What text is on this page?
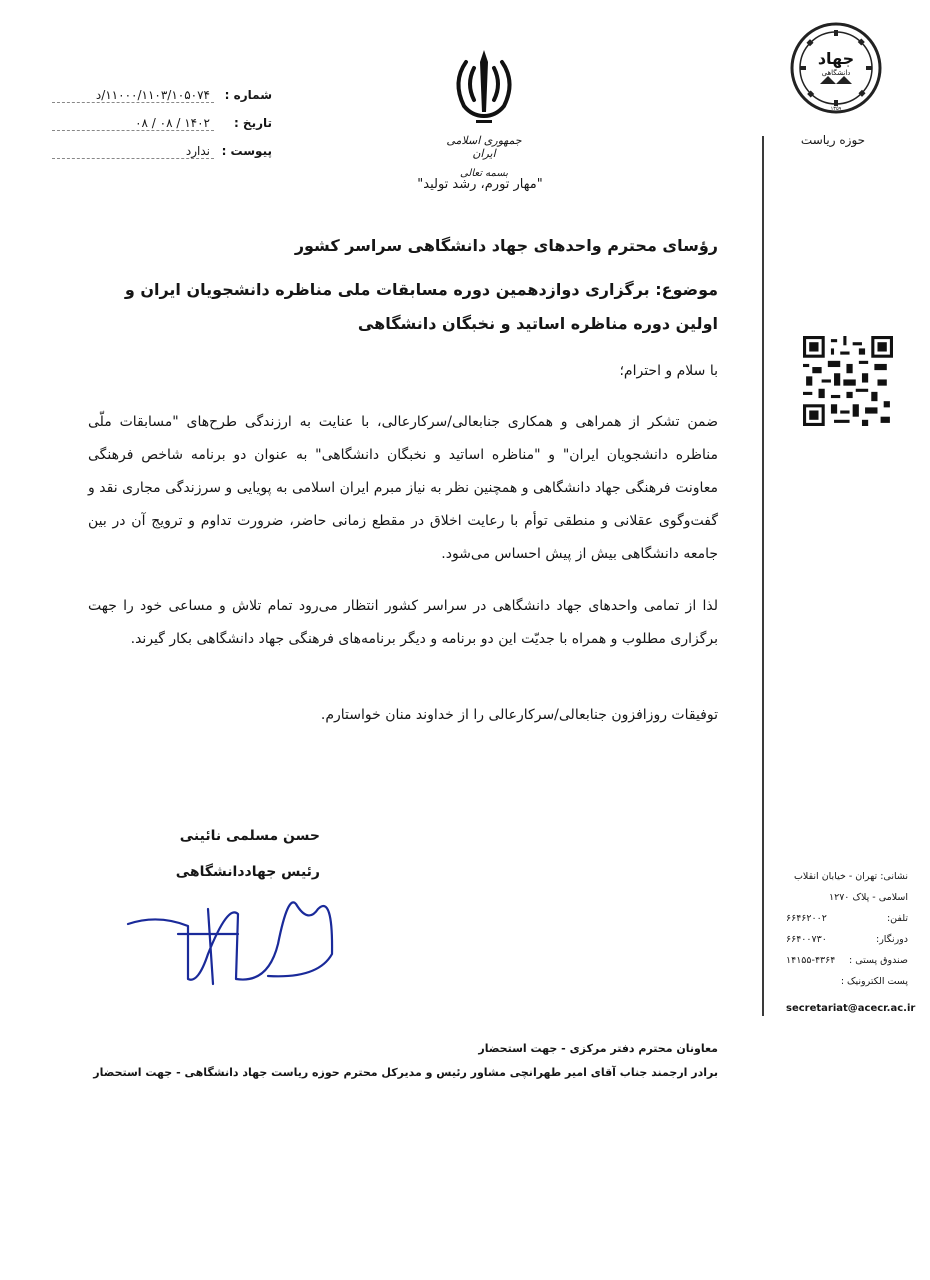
جهاد
دانشگاهی
۱۳۵۹
حوزه ریاست
جمهوری اسلامی ایران
بسمه تعالی
"مهار تورم، رشد تولید"
شماره :
۱۱۰۰۰/۱۱۰۳/۱۰۵۰۷۴/د
تاریخ :
۱۴۰۲ / ۰۸ / ۰۸
پیوست :
ندارد
رؤسای محترم واحدهای جهاد دانشگاهی سراسر کشور
موضوع: برگزاری دوازدهمین دوره مسابقات ملی مناظره دانشجویان ایران و اولین دوره مناظره اساتید و نخبگان دانشگاهی
با سلام و احترام؛
ضمن تشکر از همراهی و همکاری جنابعالی/سرکارعالی، با عنایت به ارزندگی طرح‌های "مسابقات ملّی مناظره دانشجویان ایران" و "مناظره اساتید و نخبگان دانشگاهی" به عنوان دو برنامه شاخص فرهنگی معاونت فرهنگی جهاد دانشگاهی و همچنین نظر به نیاز مبرم ایران اسلامی به پویایی و سرزندگی مجاری نقد و گفت‌وگوی عقلانی و منطقی توأم با رعایت اخلاق در مقطع زمانی حاضر، ضرورت تداوم و ترویج آن در بین جامعه دانشگاهی بیش از پیش احساس می‌شود.
لذا از تمامی واحدهای جهاد دانشگاهی در سراسر کشور انتظار می‌رود تمام تلاش و مساعی خود را جهت برگزاری مطلوب و همراه با جدیّت این دو برنامه و دیگر برنامه‌های فرهنگی جهاد دانشگاهی بکار گیرند.
توفیقات روزافزون جنابعالی/سرکارعالی را از خداوند منان خواستارم.
حسن مسلمی نائینی
رئیس جهاددانشگاهی	نشانی: تهران - خیابان انقلاب اسلامی - پلاک ۱۲۷۰
تلفن:
۶۶۴۶۲۰۰۲
دورنگار:
۶۶۴۰۰۷۳۰
صندوق پستی :
۱۴۱۵۵-۴۳۶۴
پست الکترونیک :
secretariat@acecr.ac.ir
معاونان محترم دفتر مرکزی - جهت استحضار
برادر ارجمند جناب آقای امیر طهرانچی مشاور رئیس و مدیرکل محترم حوزه ریاست جهاد دانشگاهی - جهت استحضار
